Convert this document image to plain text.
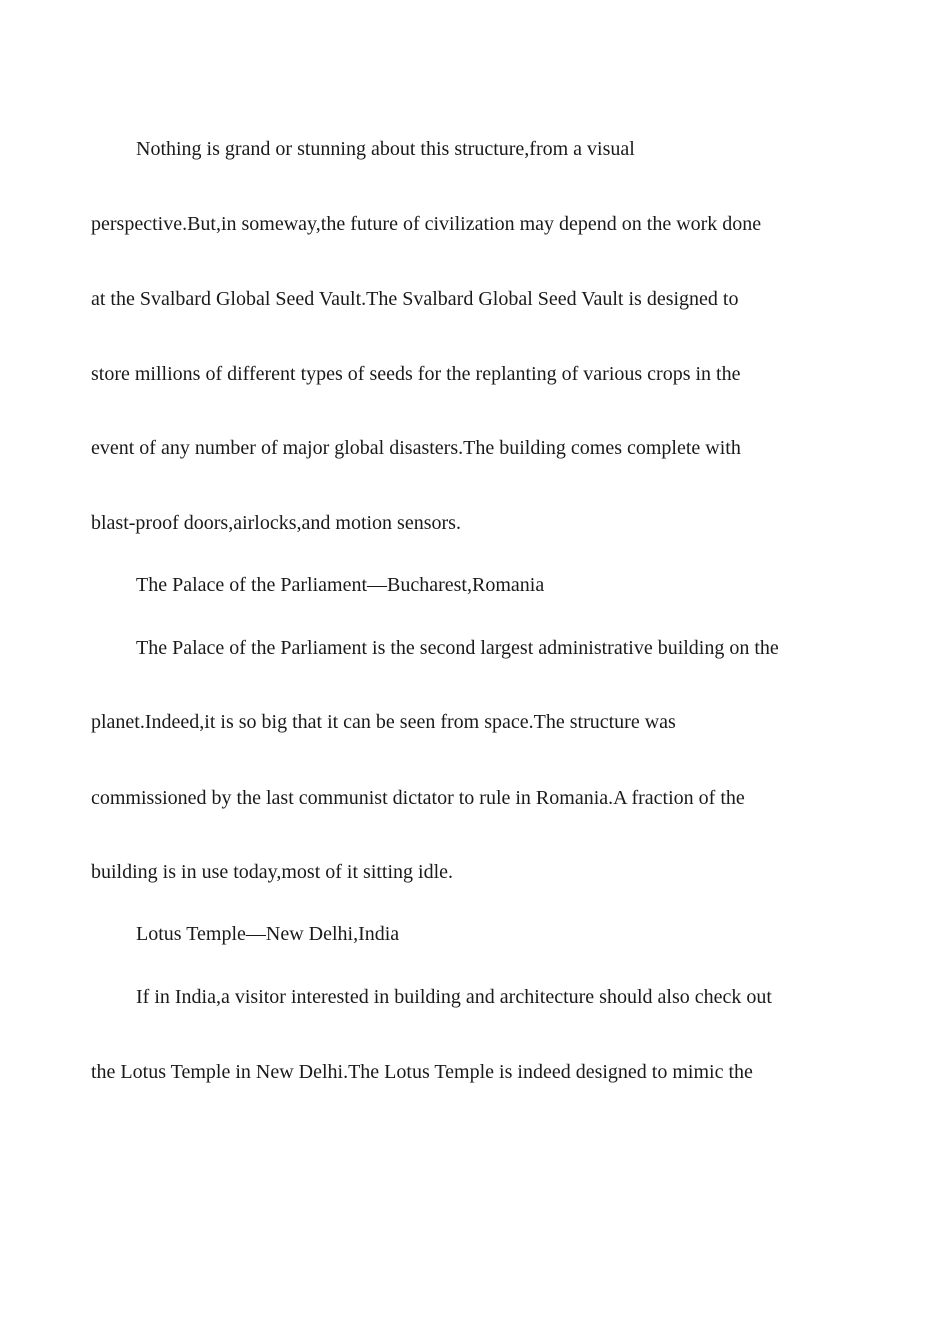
Nothing is grand or stunning about this structure,from a visual
perspective.But,in someway,the future of civilization may depend on the work done
at the Svalbard Global Seed Vault.The Svalbard Global Seed Vault is designed to
store millions of different types of seeds for the replanting of various crops in the
event of any number of major global disasters.The building comes complete with
blast-proof doors,airlocks,and motion sensors.
The Palace of the Parliament—Bucharest,Romania
The Palace of the Parliament is the second largest administrative building on the
planet.Indeed,it is so big that it can be seen from space.The structure was
commissioned by the last communist dictator to rule in Romania.A fraction of the
building is in use today,most of it sitting idle.
Lotus Temple—New Delhi,India
If in India,a visitor interested in building and architecture should also check out
the Lotus Temple in New Delhi.The Lotus Temple is indeed designed to mimic the
